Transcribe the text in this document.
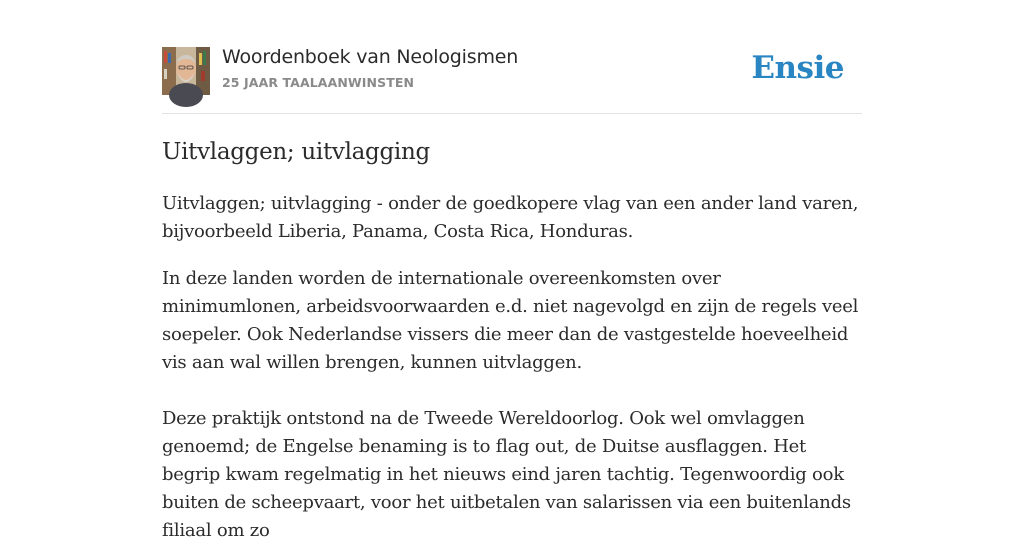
Woordenboek van Neologismen
25 JAAR TAALAANWINSTEN	Ensie
Uitvlaggen; uitvlagging

Uitvlaggen; uitvlagging - onder de goedkopere vlag van een ander land varen, bijvoorbeeld Liberia, Panama, Costa Rica, Honduras.

In deze landen worden de internationale overeenkomsten over minimumlonen, arbeidsvoorwaarden e.d. niet nagevolgd en zijn de regels veel soepeler. Ook Nederlandse vissers die meer dan de vastgestelde hoeveelheid vis aan wal willen brengen, kunnen uitvlaggen.

Deze praktijk ontstond na de Tweede Wereldoorlog. Ook wel omvlaggen genoemd; de Engelse benaming is to flag out, de Duitse ausflaggen. Het begrip kwam regelmatig in het nieuws eind jaren tachtig. Tegenwoordig ook buiten de scheepvaart, voor het uitbetalen van salarissen via een buitenlands filiaal om zo
